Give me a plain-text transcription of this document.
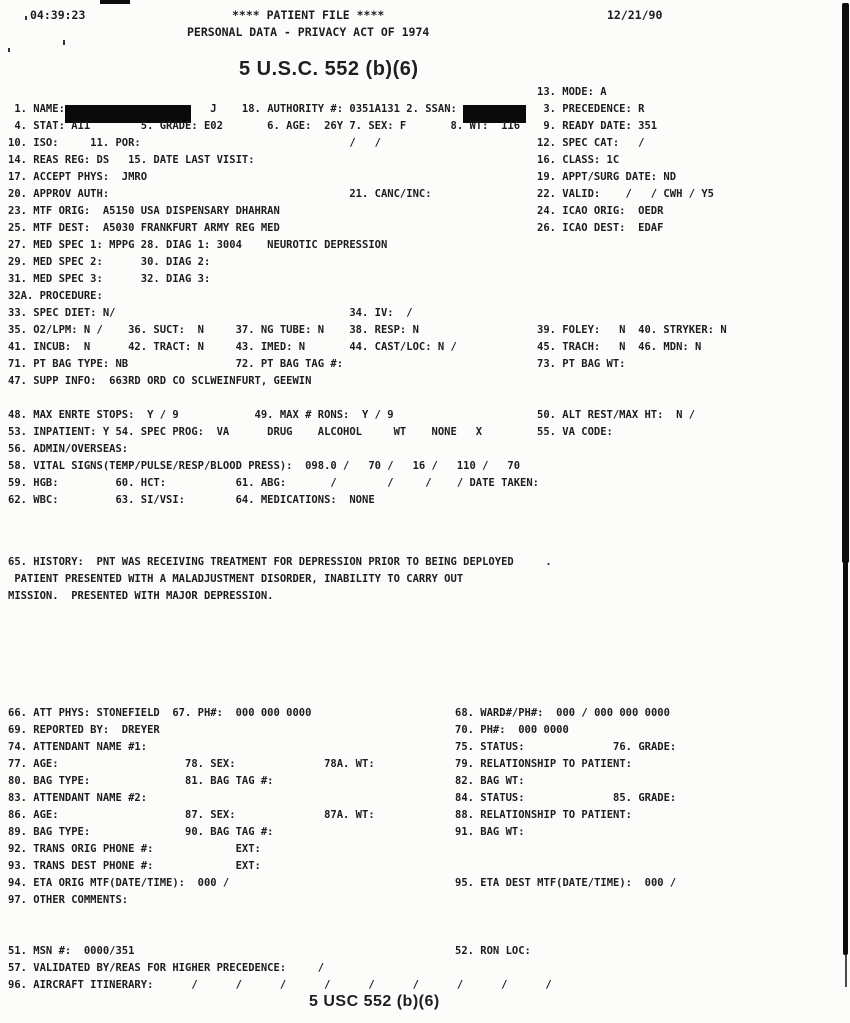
04:39:23	**** PATIENT FILE ****	12/21/90
PERSONAL DATA - PRIVACY ACT OF 1974
5 U.S.C. 552 (b)(6)
5 USC 552 (b)(6)
13. MODE: A
1. NAME:	J    18. AUTHORITY #: 0351A131 2. SSAN:	3. PRECEDENCE: R
4. STAT: A11        5. GRADE: E02       6. AGE:  26Y 7. SEX: F       8. WT:  116 9. READY DATE: 351
10. ISO:     11. POR:                                 /   /	12. SPEC CAT:   /
14. REAS REG: DS   15. DATE LAST VISIT:	16. CLASS: 1C
17. ACCEPT PHYS:  JMRO	19. APPT/SURG DATE: ND
20. APPROV AUTH:                                      21. CANC/INC:	22. VALID:    /   / CWH / Y5
23. MTF ORIG:  A5150 USA DISPENSARY DHAHRAN	24. ICAO ORIG:  OEDR
25. MTF DEST:  A5030 FRANKFURT ARMY REG MED	26. ICAO DEST:  EDAF
27. MED SPEC 1: MPPG 28. DIAG 1: 3004    NEUROTIC DEPRESSION
29. MED SPEC 2:      30. DIAG 2:
31. MED SPEC 3:      32. DIAG 3:
32A. PROCEDURE:
33. SPEC DIET: N/                                     34. IV:  /
35. O2/LPM: N /    36. SUCT:  N     37. NG TUBE: N    38. RESP: N	39. FOLEY:   N  40. STRYKER: N
41. INCUB:  N      42. TRACT: N     43. IMED: N       44. CAST/LOC: N /	45. TRACH:   N  46. MDN: N
71. PT BAG TYPE: NB                 72. PT BAG TAG #:	73. PT BAG WT:
47. SUPP INFO:  663RD ORD CO SCLWEINFURT, GEEWIN
48. MAX ENRTE STOPS:  Y / 9            49. MAX # RONS:  Y / 9	50. ALT REST/MAX HT:  N /
53. INPATIENT: Y 54. SPEC PROG:  VA      DRUG    ALCOHOL     WT    NONE   X	55. VA CODE:
56. ADMIN/OVERSEAS:
58. VITAL SIGNS(TEMP/PULSE/RESP/BLOOD PRESS):  098.0 /   70 /   16 /   110 /   70
59. HGB:         60. HCT:           61. ABG:       /        /     /    / DATE TAKEN:
62. WBC:         63. SI/VSI:        64. MEDICATIONS:  NONE
65. HISTORY:  PNT WAS RECEIVING TREATMENT FOR DEPRESSION PRIOR TO BEING DEPLOYED     .
PATIENT PRESENTED WITH A MALADJUSTMENT DISORDER, INABILITY TO CARRY OUT
MISSION.  PRESENTED WITH MAJOR DEPRESSION.
66. ATT PHYS: STONEFIELD  67. PH#:  000 000 0000	68. WARD#/PH#:  000 / 000 000 0000
69. REPORTED BY:  DREYER	70. PH#:  000 0000
74. ATTENDANT NAME #1:	75. STATUS:              76. GRADE:
77. AGE:                    78. SEX:              78A. WT:	79. RELATIONSHIP TO PATIENT:
80. BAG TYPE:               81. BAG TAG #:	82. BAG WT:
83. ATTENDANT NAME #2:	84. STATUS:              85. GRADE:
86. AGE:                    87. SEX:              87A. WT:	88. RELATIONSHIP TO PATIENT:
89. BAG TYPE:               90. BAG TAG #:	91. BAG WT:
92. TRANS ORIG PHONE #:             EXT:
93. TRANS DEST PHONE #:             EXT:
94. ETA ORIG MTF(DATE/TIME):  000 /	95. ETA DEST MTF(DATE/TIME):  000 /
97. OTHER COMMENTS:
51. MSN #:  0000/351	52. RON LOC:
57. VALIDATED BY/REAS FOR HIGHER PRECEDENCE:     /
96. AIRCRAFT ITINERARY:      /      /      /      /      /      /      /      /      /
